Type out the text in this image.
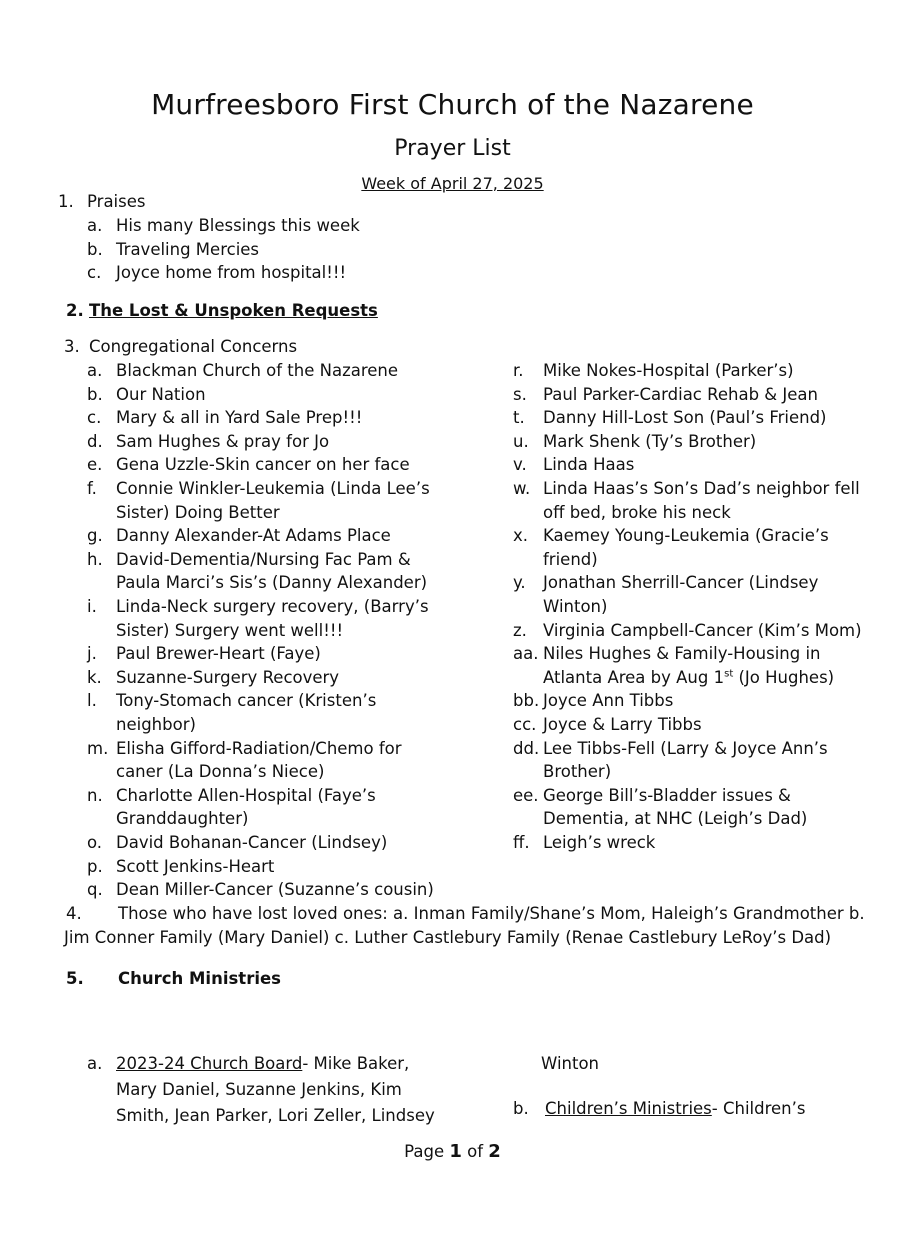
Murfreesboro First Church of the Nazarene
Prayer List
Week of April 27, 2025
1. Praises
a. His many Blessings this week
b. Traveling Mercies
c. Joyce home from hospital!!!
2. The Lost & Unspoken Requests
3. Congregational Concerns
a. Blackman Church of the Nazarene
b. Our Nation
c. Mary & all in Yard Sale Prep!!!
d. Sam Hughes & pray for Jo
e. Gena Uzzle-Skin cancer on her face
f. Connie Winkler-Leukemia (Linda Lee’s
Sister) Doing Better
g. Danny Alexander-At Adams Place
h. David-Dementia/Nursing Fac Pam &
Paula Marci’s Sis’s (Danny Alexander)
i. Linda-Neck surgery recovery, (Barry’s
Sister) Surgery went well!!!
j. Paul Brewer-Heart (Faye)
k. Suzanne-Surgery Recovery
l. Tony-Stomach cancer (Kristen’s
neighbor)
m. Elisha Gifford-Radiation/Chemo for
caner (La Donna’s Niece)
n. Charlotte Allen-Hospital (Faye’s
Granddaughter)
o. David Bohanan-Cancer (Lindsey)
p. Scott Jenkins-Heart
q. Dean Miller-Cancer (Suzanne’s cousin)
r. Mike Nokes-Hospital (Parker’s)
s. Paul Parker-Cardiac Rehab & Jean
t. Danny Hill-Lost Son (Paul’s Friend)
u. Mark Shenk (Ty’s Brother)
v. Linda Haas
w. Linda Haas’s Son’s Dad’s neighbor fell
off bed, broke his neck
x. Kaemey Young-Leukemia (Gracie’s
friend)
y. Jonathan Sherrill-Cancer (Lindsey
Winton)
z. Virginia Campbell-Cancer (Kim’s Mom)
aa. Niles Hughes & Family-Housing in
Atlanta Area by Aug 1st (Jo Hughes)
bb. Joyce Ann Tibbs
cc. Joyce & Larry Tibbs
dd. Lee Tibbs-Fell (Larry & Joyce Ann’s
Brother)
ee. George Bill’s-Bladder issues &
Dementia, at NHC (Leigh’s Dad)
ff. Leigh’s wreck
4. Those who have lost loved ones: a. Inman Family/Shane’s Mom, Haleigh’s Grandmother b.
Jim Conner Family (Mary Daniel) c. Luther Castlebury Family (Renae Castlebury LeRoy’s Dad)
5. Church Ministries
a. 2023-24 Church Board- Mike Baker,
Mary Daniel, Suzanne Jenkins, Kim
Smith, Jean Parker, Lori Zeller, Lindsey
Winton
b. Children’s Ministries- Children’s
Page 1 of 2
